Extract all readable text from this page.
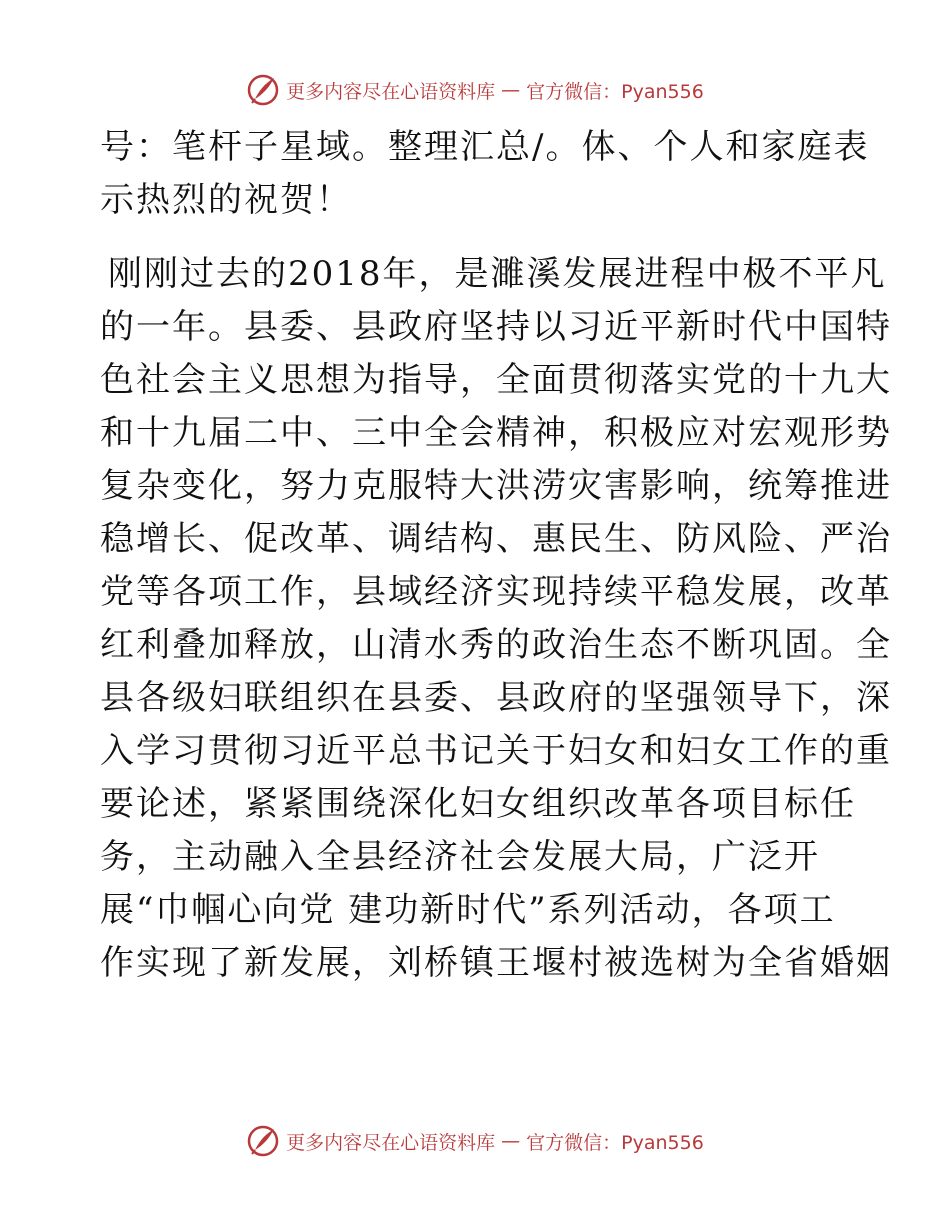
更多内容尽在心语资料库 — 官方微信：Pyan556
号：笔杆子星域。整理汇总/。体、个人和家庭表
示热烈的祝贺！
刚刚过去的2018年，是濉溪发展进程中极不平凡
的一年。县委、县政府坚持以习近平新时代中国特
色社会主义思想为指导，全面贯彻落实党的十九大
和十九届二中、三中全会精神，积极应对宏观形势
复杂变化，努力克服特大洪涝灾害影响，统筹推进
稳增长、促改革、调结构、惠民生、防风险、严治
党等各项工作，县域经济实现持续平稳发展，改革
红利叠加释放，山清水秀的政治生态不断巩固。全
县各级妇联组织在县委、县政府的坚强领导下，深
入学习贯彻习近平总书记关于妇女和妇女工作的重
要论述，紧紧围绕深化妇女组织改革各项目标任
务，主动融入全县经济社会发展大局，广泛开
展“巾帼心向党 建功新时代”系列活动，各项工
作实现了新发展，刘桥镇王堰村被选树为全省婚姻
更多内容尽在心语资料库 — 官方微信：Pyan556
